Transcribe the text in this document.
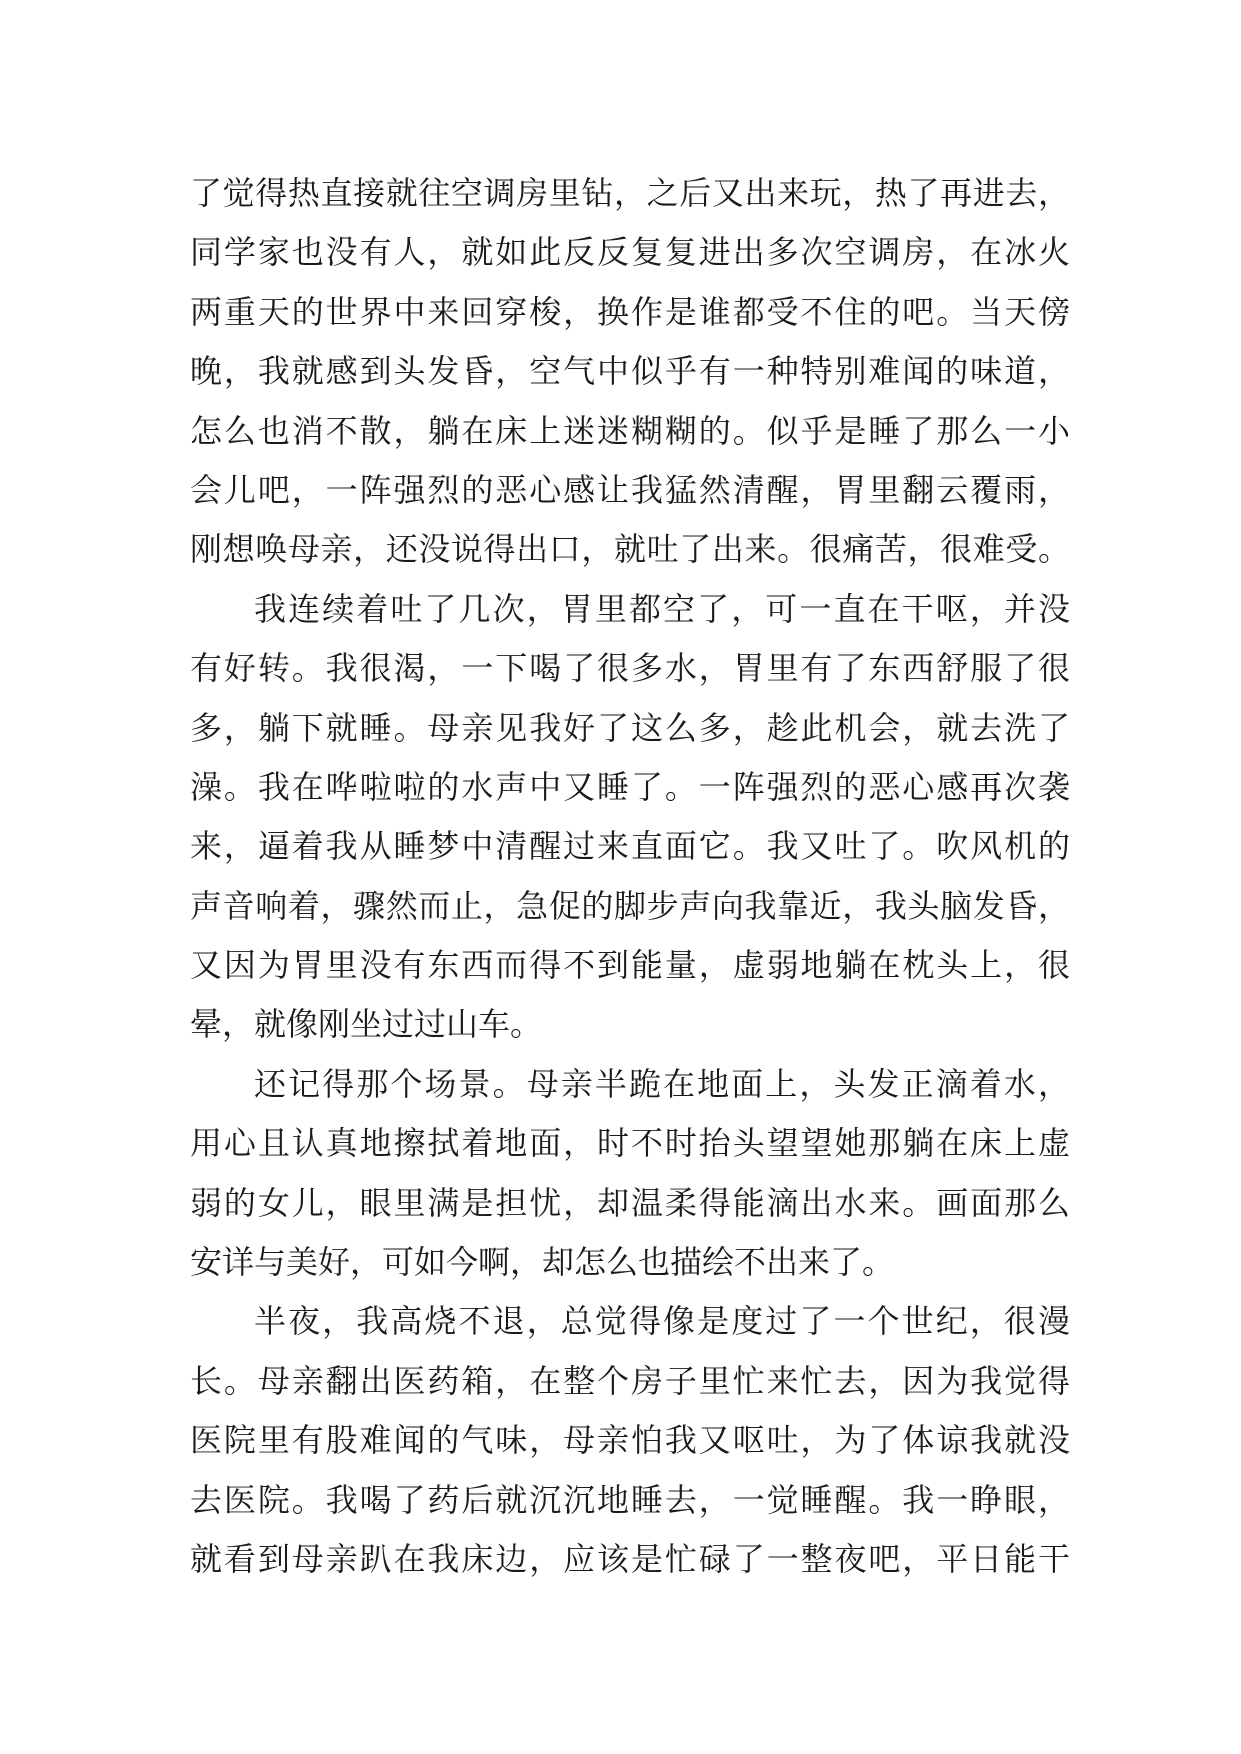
了觉得热直接就往空调房里钻，之后又出来玩，热了再进去，
同学家也没有人，就如此反反复复进出多次空调房，在冰火
两重天的世界中来回穿梭，换作是谁都受不住的吧。当天傍
晚，我就感到头发昏，空气中似乎有一种特别难闻的味道，
怎么也消不散，躺在床上迷迷糊糊的。似乎是睡了那么一小
会儿吧，一阵强烈的恶心感让我猛然清醒，胃里翻云覆雨，
刚想唤母亲，还没说得出口，就吐了出来。很痛苦，很难受。
我连续着吐了几次，胃里都空了，可一直在干呕，并没
有好转。我很渴，一下喝了很多水，胃里有了东西舒服了很
多，躺下就睡。母亲见我好了这么多，趁此机会，就去洗了
澡。我在哗啦啦的水声中又睡了。一阵强烈的恶心感再次袭
来，逼着我从睡梦中清醒过来直面它。我又吐了。吹风机的
声音响着，骤然而止，急促的脚步声向我靠近，我头脑发昏，
又因为胃里没有东西而得不到能量，虚弱地躺在枕头上，很
晕，就像刚坐过过山车。
还记得那个场景。母亲半跪在地面上，头发正滴着水，
用心且认真地擦拭着地面，时不时抬头望望她那躺在床上虚
弱的女儿，眼里满是担忧，却温柔得能滴出水来。画面那么
安详与美好，可如今啊，却怎么也描绘不出来了。
半夜，我高烧不退，总觉得像是度过了一个世纪，很漫
长。母亲翻出医药箱，在整个房子里忙来忙去，因为我觉得
医院里有股难闻的气味，母亲怕我又呕吐，为了体谅我就没
去医院。我喝了药后就沉沉地睡去，一觉睡醒。我一睁眼，
就看到母亲趴在我床边，应该是忙碌了一整夜吧，平日能干
